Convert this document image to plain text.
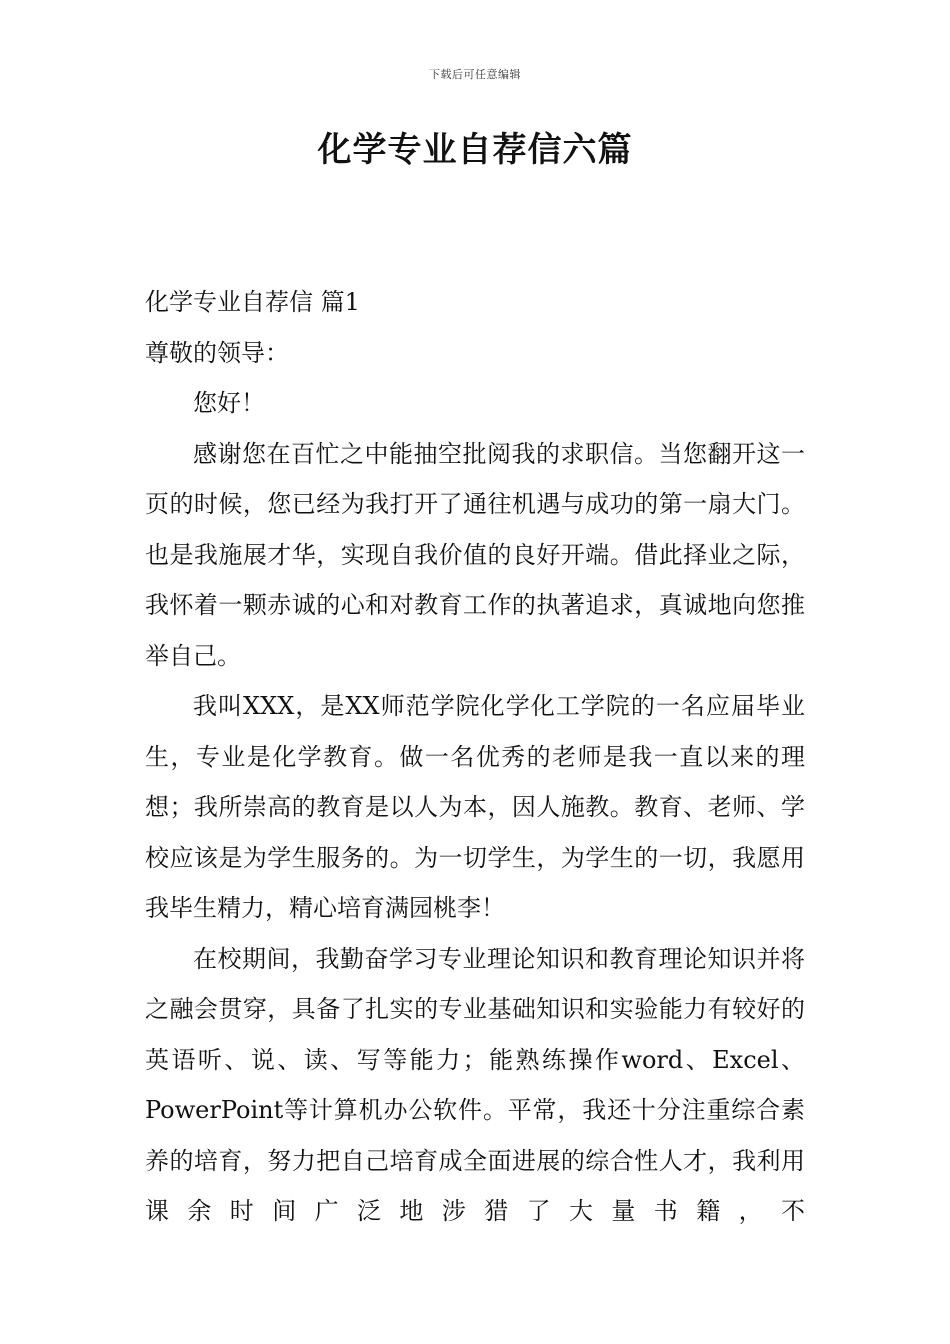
下载后可任意编辑
化学专业自荐信六篇

化学专业自荐信 篇1

尊敬的领导：

您好！

感谢您在百忙之中能抽空批阅我的求职信。当您翻开这一页的时候，您已经为我打开了通往机遇与成功的第一扇大门。也是我施展才华，实现自我价值的良好开端。借此择业之际，我怀着一颗赤诚的心和对教育工作的执著追求，真诚地向您推举自己。

我叫XXX，是XX师范学院化学化工学院的一名应届毕业生，专业是化学教育。做一名优秀的老师是我一直以来的理想；我所崇高的教育是以人为本，因人施教。教育、老师、学校应该是为学生服务的。为一切学生，为学生的一切，我愿用我毕生精力，精心培育满园桃李！

在校期间，我勤奋学习专业理论知识和教育理论知识并将之融会贯穿，具备了扎实的专业基础知识和实验能力有较好的英语听、说、读、写等能力；能熟练操作word、Excel、PowerPoint等计算机办公软件。平常，我还十分注重综合素养的培育，努力把自己培育成全面进展的综合性人才，我利用课余时间广泛地涉猎了大量书籍，不
